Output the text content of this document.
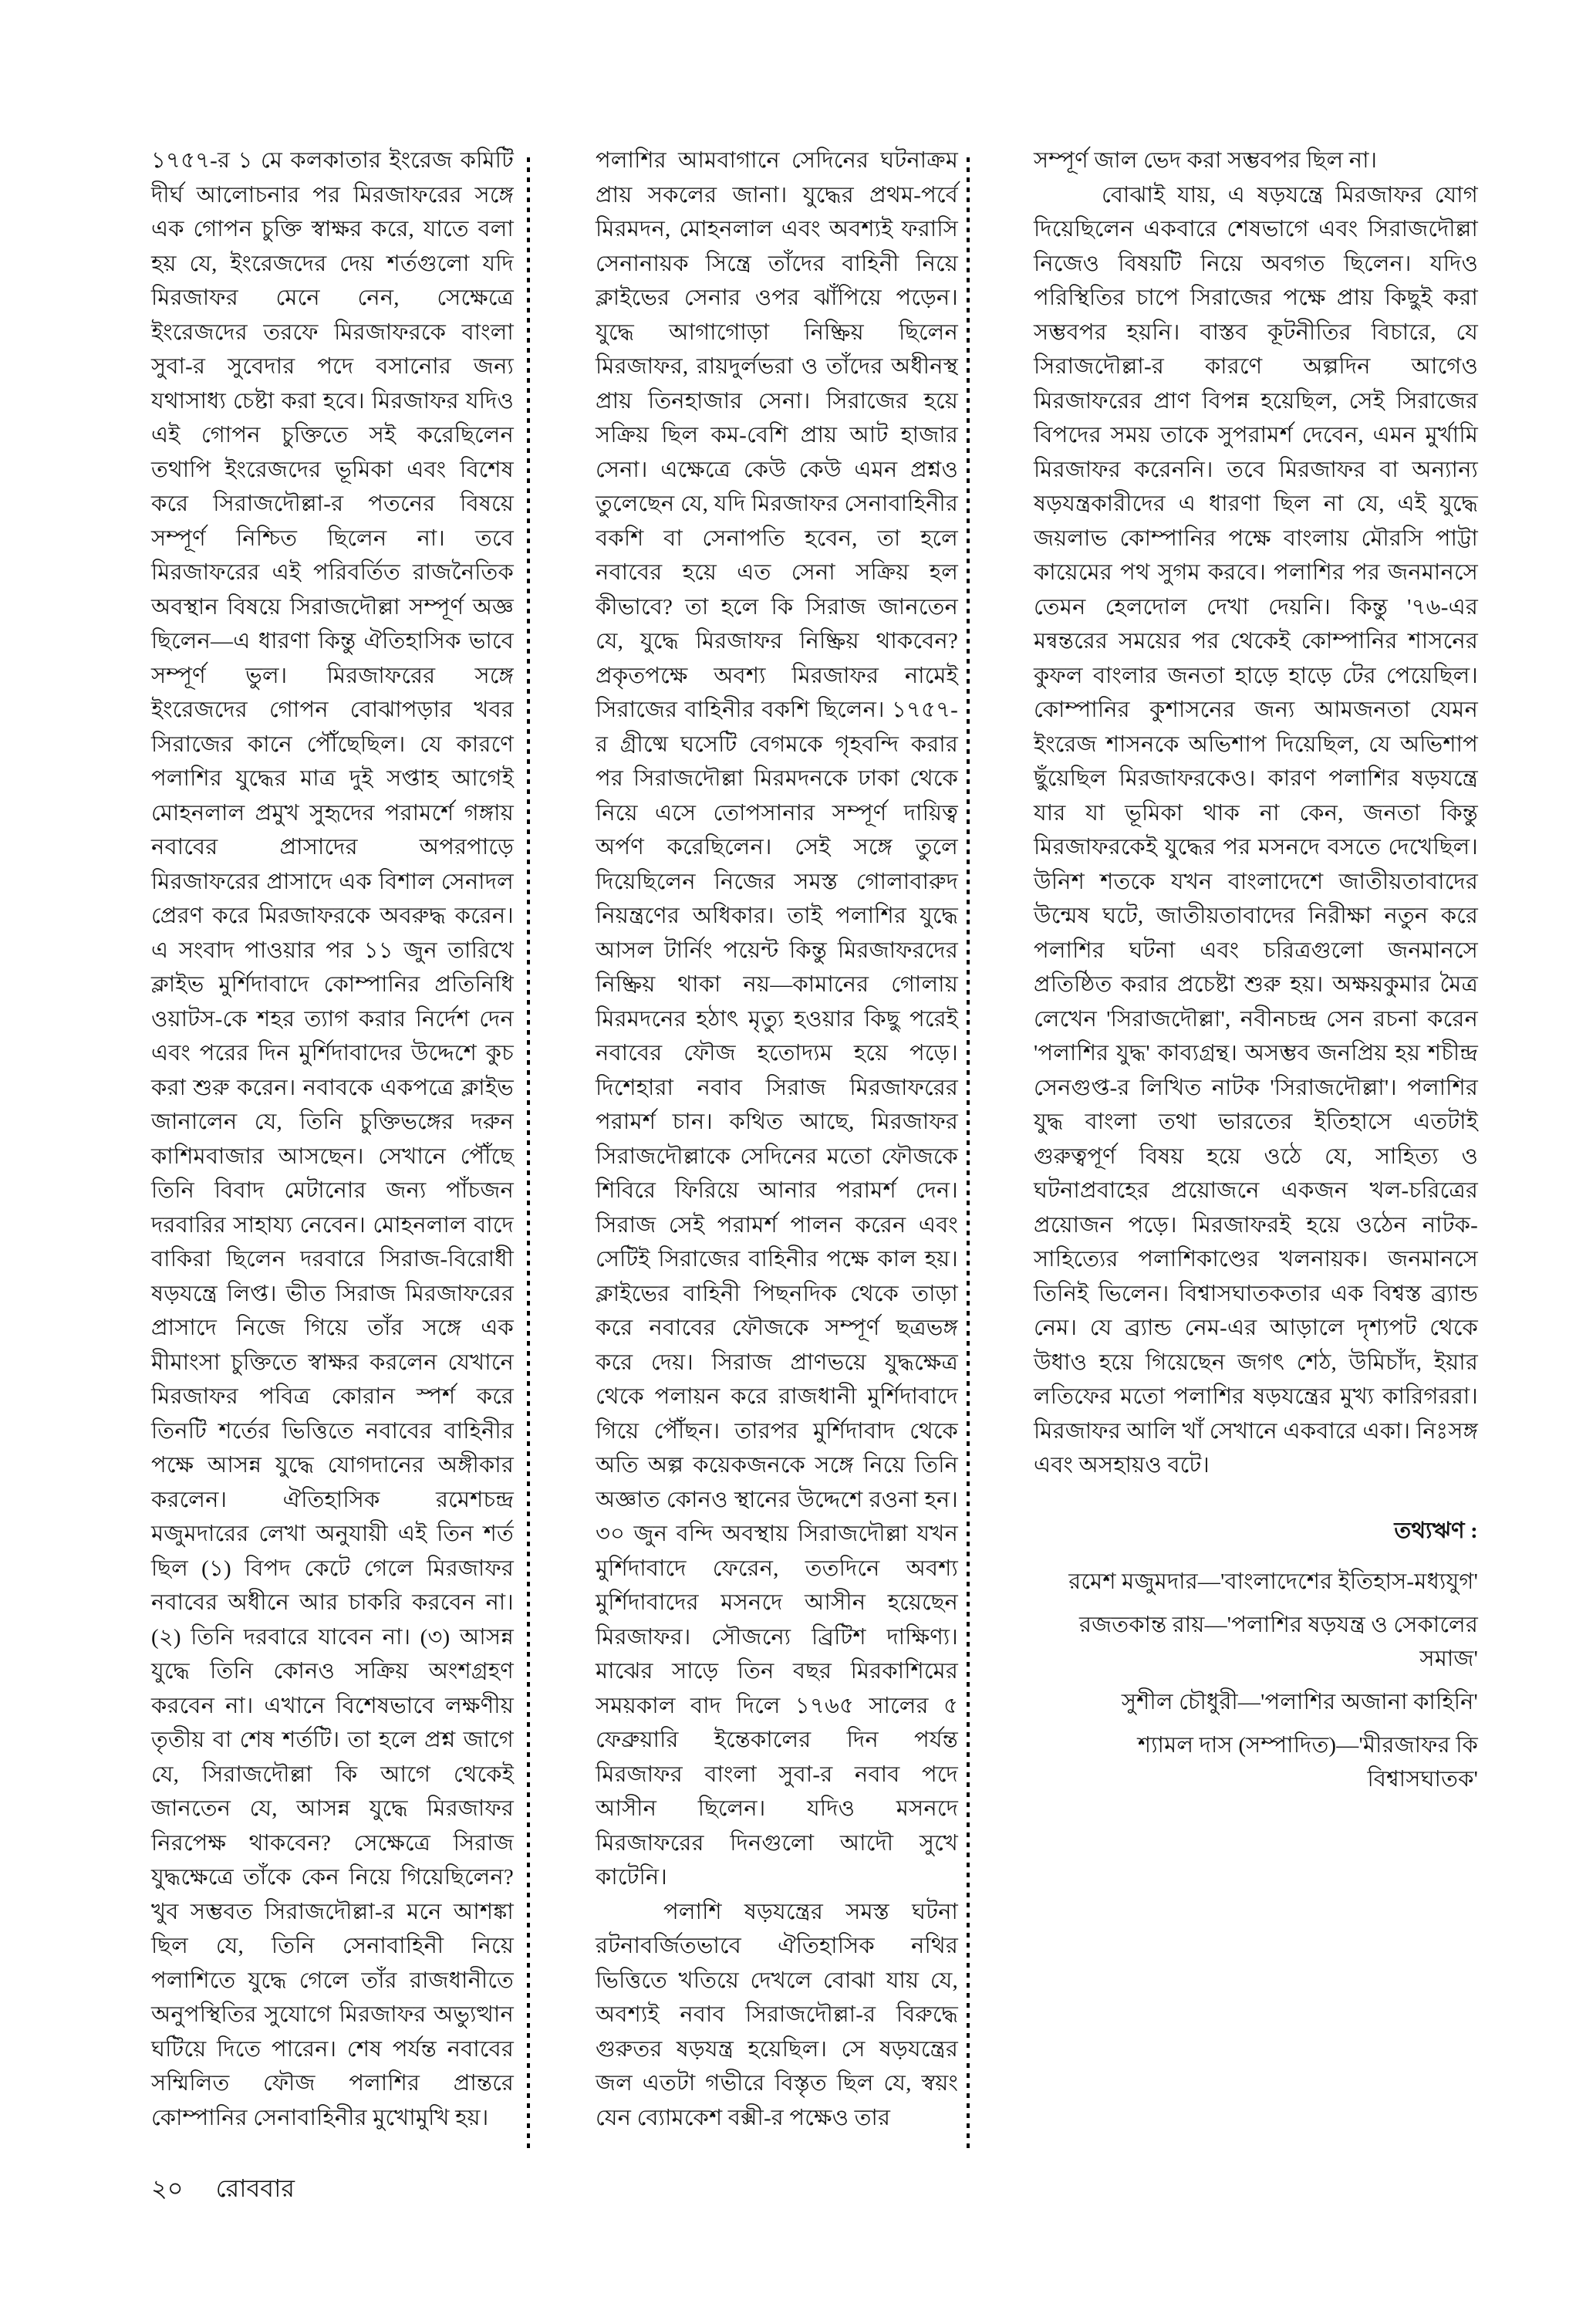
১৭৫৭-র ১ মে কলকাতার ইংরেজ কমিটি দীর্ঘ আলোচনার পর মিরজাফরের সঙ্গে এক গোপন চুক্তি স্বাক্ষর করে, যাতে বলা হয় যে, ইংরেজদের দেয় শর্তগুলো যদি মিরজাফর মেনে নেন, সেক্ষেত্রে ইংরেজদের তরফে মিরজাফরকে বাংলা সুবা-র সুবেদার পদে বসানোর জন্য যথাসাধ্য চেষ্টা করা হবে। মিরজাফর যদিও এই গোপন চুক্তিতে সই করেছিলেন তথাপি ইংরেজদের ভূমিকা এবং বিশেষ করে সিরাজদৌল্লা-র পতনের বিষয়ে সম্পূর্ণ নিশ্চিত ছিলেন না। তবে মিরজাফরের এই পরিবর্তিত রাজনৈতিক অবস্থান বিষয়ে সিরাজদৌল্লা সম্পূর্ণ অজ্ঞ ছিলেন—এ ধারণা কিন্তু ঐতিহাসিক ভাবে সম্পূর্ণ ভুল। মিরজাফরের সঙ্গে ইংরেজদের গোপন বোঝাপড়ার খবর সিরাজের কানে পৌঁছেছিল। যে কারণে পলাশির যুদ্ধের মাত্র দুই সপ্তাহ আগেই মোহনলাল প্রমুখ সুহৃদের পরামর্শে গঙ্গায় নবাবের প্রাসাদের অপরপাড়ে মিরজাফরের প্রাসাদে এক বিশাল সেনাদল প্রেরণ করে মিরজাফরকে অবরুদ্ধ করেন। এ সংবাদ পাওয়ার পর ১১ জুন তারিখে ক্লাইভ মুর্শিদাবাদে কোম্পানির প্রতিনিধি ওয়াটস-কে শহর ত্যাগ করার নির্দেশ দেন এবং পরের দিন মুর্শিদাবাদের উদ্দেশে কুচ করা শুরু করেন। নবাবকে একপত্রে ক্লাইভ জানালেন যে, তিনি চুক্তিভঙ্গের দরুন কাশিমবাজার আসছেন। সেখানে পৌঁছে তিনি বিবাদ মেটানোর জন্য পাঁচজন দরবারির সাহায্য নেবেন। মোহনলাল বাদে বাকিরা ছিলেন দরবারে সিরাজ-বিরোধী ষড়যন্ত্রে লিপ্ত। ভীত সিরাজ মিরজাফরের প্রাসাদে নিজে গিয়ে তাঁর সঙ্গে এক মীমাংসা চুক্তিতে স্বাক্ষর করলেন যেখানে মিরজাফর পবিত্র কোরান স্পর্শ করে তিনটি শর্তের ভিত্তিতে নবাবের বাহিনীর পক্ষে আসন্ন যুদ্ধে যোগদানের অঙ্গীকার করলেন। ঐতিহাসিক রমেশচন্দ্র মজুমদারের লেখা অনুযায়ী এই তিন শর্ত ছিল (১) বিপদ কেটে গেলে মিরজাফর নবাবের অধীনে আর চাকরি করবেন না। (২) তিনি দরবারে যাবেন না। (৩) আসন্ন যুদ্ধে তিনি কোনও সক্রিয় অংশগ্রহণ করবেন না। এখানে বিশেষভাবে লক্ষণীয় তৃতীয় বা শেষ শর্তটি। তা হলে প্রশ্ন জাগে যে, সিরাজদৌল্লা কি আগে থেকেই জানতেন যে, আসন্ন যুদ্ধে মিরজাফর নিরপেক্ষ থাকবেন? সেক্ষেত্রে সিরাজ যুদ্ধক্ষেত্রে তাঁকে কেন নিয়ে গিয়েছিলেন? খুব সম্ভবত সিরাজদৌল্লা-র মনে আশঙ্কা ছিল যে, তিনি সেনাবাহিনী নিয়ে পলাশিতে যুদ্ধে গেলে তাঁর রাজধানীতে অনুপস্থিতির সুযোগে মিরজাফর অভ্যুত্থান ঘটিয়ে দিতে পারেন। শেষ পর্যন্ত নবাবের সম্মিলিত ফৌজ পলাশির প্রান্তরে কোম্পানির সেনাবাহিনীর মুখোমুখি হয়।

পলাশির আমবাগানে সেদিনের ঘটনাক্রম প্রায় সকলের জানা। যুদ্ধের প্রথম-পর্বে মিরমদন, মোহনলাল এবং অবশ্যই ফরাসি সেনানায়ক সিন্ত্রে তাঁদের বাহিনী নিয়ে ক্লাইভের সেনার ওপর ঝাঁপিয়ে পড়েন। যুদ্ধে আগাগোড়া নিষ্ক্রিয় ছিলেন মিরজাফর, রায়দুর্লভরা ও তাঁদের অধীনস্থ প্রায় তিনহাজার সেনা। সিরাজের হয়ে সক্রিয় ছিল কম-বেশি প্রায় আট হাজার সেনা। এক্ষেত্রে কেউ কেউ এমন প্রশ্নও তুলেছেন যে, যদি মিরজাফর সেনাবাহিনীর বকশি বা সেনাপতি হবেন, তা হলে নবাবের হয়ে এত সেনা সক্রিয় হল কীভাবে? তা হলে কি সিরাজ জানতেন যে, যুদ্ধে মিরজাফর নিষ্ক্রিয় থাকবেন? প্রকৃতপক্ষে অবশ্য মিরজাফর নামেই সিরাজের বাহিনীর বকশি ছিলেন। ১৭৫৭-র গ্রীষ্মে ঘসেটি বেগমকে গৃহবন্দি করার পর সিরাজদৌল্লা মিরমদনকে ঢাকা থেকে নিয়ে এসে তোপসানার সম্পূর্ণ দায়িত্ব অর্পণ করেছিলেন। সেই সঙ্গে তুলে দিয়েছিলেন নিজের সমস্ত গোলাবারুদ নিয়ন্ত্রণের অধিকার। তাই পলাশির যুদ্ধে আসল টার্নিং পয়েন্ট কিন্তু মিরজাফরদের নিষ্ক্রিয় থাকা নয়—কামানের গোলায় মিরমদনের হঠাৎ মৃত্যু হওয়ার কিছু পরেই নবাবের ফৌজ হতোদ্যম হয়ে পড়ে। দিশেহারা নবাব সিরাজ মিরজাফরের পরামর্শ চান। কথিত আছে, মিরজাফর সিরাজদৌল্লাকে সেদিনের মতো ফৌজকে শিবিরে ফিরিয়ে আনার পরামর্শ দেন। সিরাজ সেই পরামর্শ পালন করেন এবং সেটিই সিরাজের বাহিনীর পক্ষে কাল হয়। ক্লাইভের বাহিনী পিছনদিক থেকে তাড়া করে নবাবের ফৌজকে সম্পূর্ণ ছত্রভঙ্গ করে দেয়। সিরাজ প্রাণভয়ে যুদ্ধক্ষেত্র থেকে পলায়ন করে রাজধানী মুর্শিদাবাদে গিয়ে পৌঁছন। তারপর মুর্শিদাবাদ থেকে অতি অল্প কয়েকজনকে সঙ্গে নিয়ে তিনি অজ্ঞাত কোনও স্থানের উদ্দেশে রওনা হন। ৩০ জুন বন্দি অবস্থায় সিরাজদৌল্লা যখন মুর্শিদাবাদে ফেরেন, ততদিনে অবশ্য মুর্শিদাবাদের মসনদে আসীন হয়েছেন মিরজাফর। সৌজন্যে ব্রিটিশ দাক্ষিণ্য। মাঝের সাড়ে তিন বছর মিরকাশিমের সময়কাল বাদ দিলে ১৭৬৫ সালের ৫ ফেব্রুয়ারি ইন্তেকালের দিন পর্যন্ত মিরজাফর বাংলা সুবা-র নবাব পদে আসীন ছিলেন। যদিও মসনদে মিরজাফরের দিনগুলো আদৌ সুখে কাটেনি।

পলাশি ষড়যন্ত্রের সমস্ত ঘটনা রটনাবর্জিতভাবে ঐতিহাসিক নথির ভিত্তিতে খতিয়ে দেখলে বোঝা যায় যে, অবশ্যই নবাব সিরাজদৌল্লা-র বিরুদ্ধে গুরুতর ষড়যন্ত্র হয়েছিল। সে ষড়যন্ত্রের জল এতটা গভীরে বিস্তৃত ছিল যে, স্বয়ং যেন ব্যোমকেশ বক্সী-র পক্ষেও তার

সম্পূর্ণ জাল ভেদ করা সম্ভবপর ছিল না।

বোঝাই যায়, এ ষড়যন্ত্রে মিরজাফর যোগ দিয়েছিলেন একবারে শেষভাগে এবং সিরাজদৌল্লা নিজেও বিষয়টি নিয়ে অবগত ছিলেন। যদিও পরিস্থিতির চাপে সিরাজের পক্ষে প্রায় কিছুই করা সম্ভবপর হয়নি। বাস্তব কূটনীতির বিচারে, যে সিরাজদৌল্লা-র কারণে অল্পদিন আগেও মিরজাফরের প্রাণ বিপন্ন হয়েছিল, সেই সিরাজের বিপদের সময় তাকে সুপরামর্শ দেবেন, এমন মুর্খামি মিরজাফর করেননি। তবে মিরজাফর বা অন্যান্য ষড়যন্ত্রকারীদের এ ধারণা ছিল না যে, এই যুদ্ধে জয়লাভ কোম্পানির পক্ষে বাংলায় মৌরসি পাট্টা কায়েমের পথ সুগম করবে। পলাশির পর জনমানসে তেমন হেলদোল দেখা দেয়নি। কিন্তু '৭৬-এর মন্বন্তরের সময়ের পর থেকেই কোম্পানির শাসনের কুফল বাংলার জনতা হাড়ে হাড়ে টের পেয়েছিল। কোম্পানির কুশাসনের জন্য আমজনতা যেমন ইংরেজ শাসনকে অভিশাপ দিয়েছিল, যে অভিশাপ ছুঁয়েছিল মিরজাফরকেও। কারণ পলাশির ষড়যন্ত্রে যার যা ভূমিকা থাক না কেন, জনতা কিন্তু মিরজাফরকেই যুদ্ধের পর মসনদে বসতে দেখেছিল। উনিশ শতকে যখন বাংলাদেশে জাতীয়তাবাদের উন্মেষ ঘটে, জাতীয়তাবাদের নিরীক্ষা নতুন করে পলাশির ঘটনা এবং চরিত্রগুলো জনমানসে প্রতিষ্ঠিত করার প্রচেষ্টা শুরু হয়। অক্ষয়কুমার মৈত্র লেখেন 'সিরাজদৌল্লা', নবীনচন্দ্র সেন রচনা করেন 'পলাশির যুদ্ধ' কাব্যগ্রন্থ। অসম্ভব জনপ্রিয় হয় শচীন্দ্র সেনগুপ্ত-র লিখিত নাটক 'সিরাজদৌল্লা'। পলাশির যুদ্ধ বাংলা তথা ভারতের ইতিহাসে এতটাই গুরুত্বপূর্ণ বিষয় হয়ে ওঠে যে, সাহিত্য ও ঘটনাপ্রবাহের প্রয়োজনে একজন খল-চরিত্রের প্রয়োজন পড়ে। মিরজাফরই হয়ে ওঠেন নাটক-সাহিত্যের পলাশিকাণ্ডের খলনায়ক। জনমানসে তিনিই ভিলেন। বিশ্বাসঘাতকতার এক বিশ্বস্ত ব্র্যান্ড নেম। যে ব্র্যান্ড নেম-এর আড়ালে দৃশ্যপট থেকে উধাও হয়ে গিয়েছেন জগৎ শেঠ, উমিচাঁদ, ইয়ার লতিফের মতো পলাশির ষড়যন্ত্রের মুখ্য কারিগররা। মিরজাফর আলি খাঁ সেখানে একবারে একা। নিঃসঙ্গ এবং অসহায়ও বটে।

তথ্যঋণ :
রমেশ মজুমদার—'বাংলাদেশের ইতিহাস-মধ্যযুগ'
রজতকান্ত রায়—'পলাশির ষড়যন্ত্র ও সেকালের সমাজ'
সুশীল চৌধুরী—'পলাশির অজানা কাহিনি'
শ্যামল দাস (সম্পাদিত)—'মীরজাফর কি বিশ্বাসঘাতক'
২০ রোববার
